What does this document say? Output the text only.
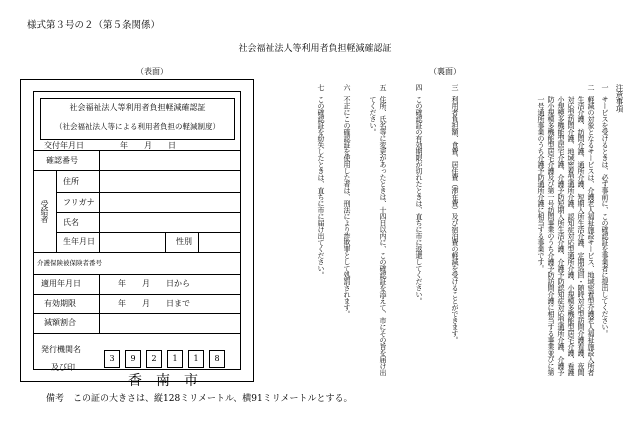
様式第３号の２（第５条関係）
社会福祉法人等利用者負担軽減確認証
（表面）
社会福祉法人等利用者負担軽減確認証
（社会福祉法人等による利用者負担の軽減制度）
交付年月日	年　　月　　日
確認番号
受給者
住所
フリガナ
氏名
生年月日	性別
介護保険被保険者番号
適用年月日	年　　月　　日から
有効期限	年　　月　　日まで
減額割合
発行機関名
及び印
3	9	2	1	1	8
香南市
（裏面）
注意事項
一
サービスを受けるときは、必ず事前に、この確認証を事業者に提出してください。
二
軽減の対象となるサービスは、介護老人福祉施設サービス、地域密着型介護老人福祉施設入所者生活介護、訪問介護、通所介護、短期入所生活介護、定期巡回・随時対応型訪問介護看護、夜間対応型訪問介護、地域密着型通所介護、認知症対応型通所介護、小規模多機能型居宅介護、看護小規模多機能型居宅介護、介護予防短期入所生活介護、介護予防認知症対応型通所介護、介護予防小規模多機能型居宅介護及び第一号訪問事業のうち介護予防訪問介護に相当する事業並びに第一号通所事業のうち介護予防通所介護に相当する事業です。
三
利用者負担額、食費、居住費（滞在費）及び宿泊費の軽減を受けることができます。
四
この確認証の有効期限が切れたときは、直ちに市に返還してください。
五
住所、氏名等に変更があったときは、十四日以内に、この確認証を添えて、市にその旨を届け出てください。
六
不正にこの確認証を使用した者は、刑法により詐欺罪として処罰されます。
七
この確認証を紛失したときは、直ちに市に届け出てください。
備考　この証の大きさは、縦128ミリメートル、横91ミリメートルとする。
